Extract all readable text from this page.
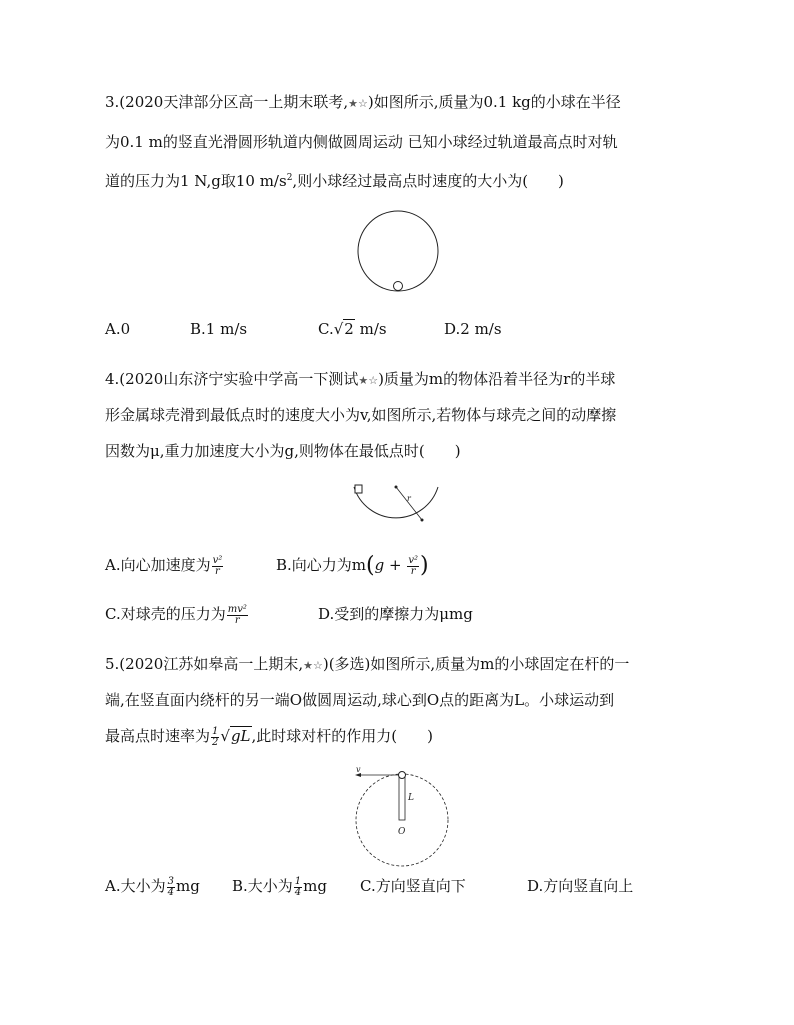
3.(2020天津部分区高一上期末联考,★☆)如图所示,质量为0.1 kg的小球在半径
为0.1 m的竖直光滑圆形轨道内侧做圆周运动 已知小球经过轨道最高点时对轨
道的压力为1 N,g取10 $m/s^2$,则小球经过最高点时速度的大小为(　　)
A.0	B.1 m/s	C.√2 m/s	D.2 m/s
4.(2020山东济宁实验中学高一下测试★☆)质量为m的物体沿着半径为r的半球
形金属球壳滑到最低点时的速度大小为v,如图所示,若物体与球壳之间的动摩擦
因数为μ,重力加速度大小为g,则物体在最低点时(　　)
r
A.向心加速度为 $\frac{\text{v²}}{r}$	B.向心力为$m(g + \frac{\text{v²}}{r}$ )
C.对球壳的压力为 $\frac{\text{mv²}}{r}$	D.受到的摩擦力为μmg
5.(2020江苏如皋高一上期末,★☆)(多选)如图所示,质量为m的小球固定在杆的一
端,在竖直面内绕杆的另一端O做圆周运动,球心到O点的距离为L。小球运动到
最高点时速率为 $\frac{1}{2} √gL$,此时球对杆的作用力(　　)
v
L
O
A.大小为 $\frac{3}{4}$ mg B.大小为 $\frac{1}{4}$ mg C.方向竖直向下	D.方向竖直向上
